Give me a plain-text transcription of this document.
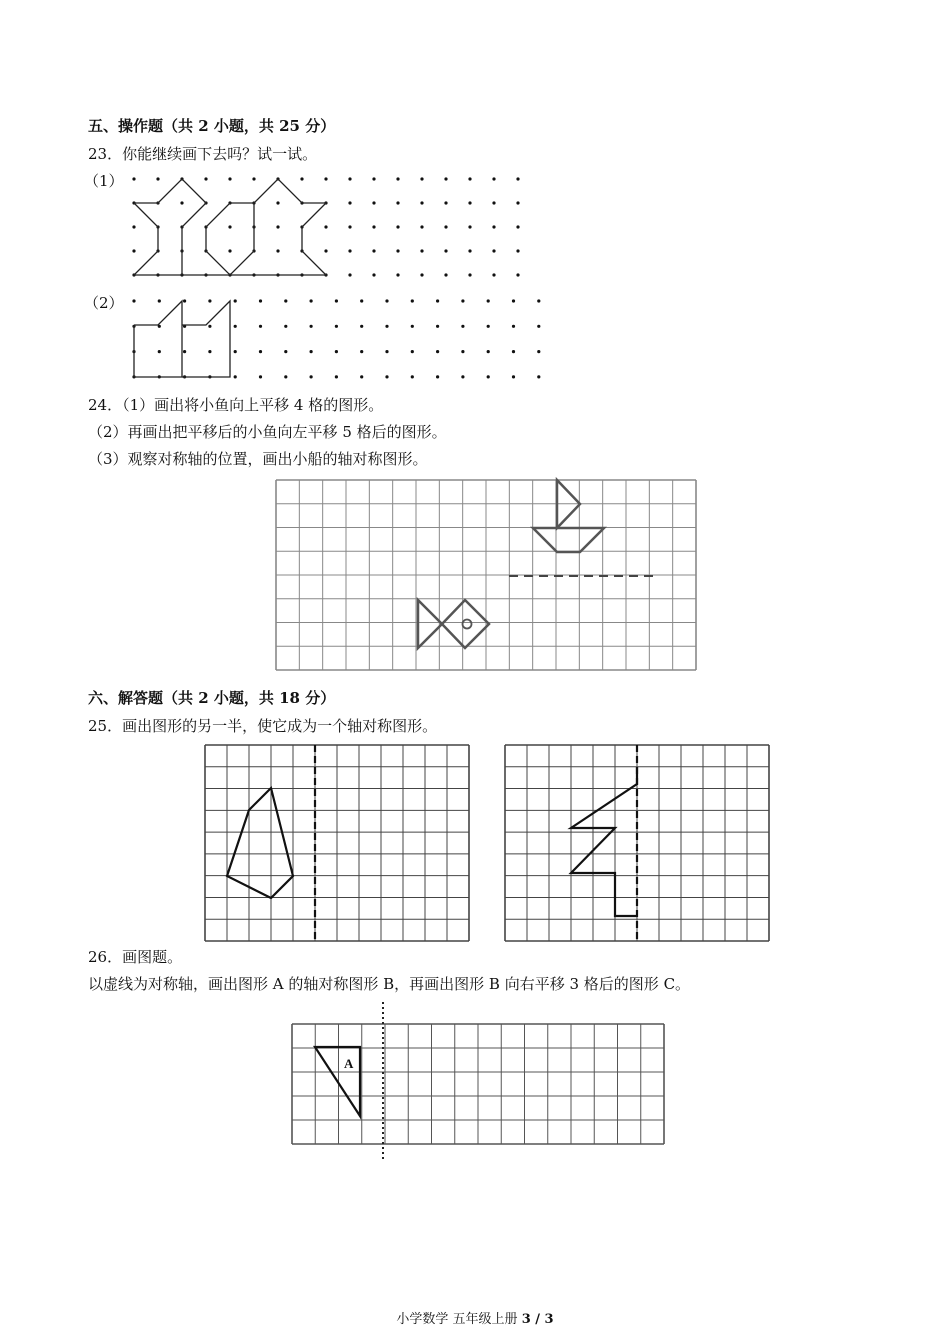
五、操作题（共 2 小题，共 25 分）
23．你能继续画下去吗？试一试。
（1）
（2）
24．（1）画出将小鱼向上平移 4 格的图形。
（2）再画出把平移后的小鱼向左平移 5 格后的图形。
（3）观察对称轴的位置，画出小船的轴对称图形。
六、解答题（共 2 小题，共 18 分）
25．画出图形的另一半，使它成为一个轴对称图形。
26．画图题。
以虚线为对称轴，画出图形 A 的轴对称图形 B，再画出图形 B 向右平移 3 格后的图形 C。
A
小学数学 五年级上册 3 / 3
